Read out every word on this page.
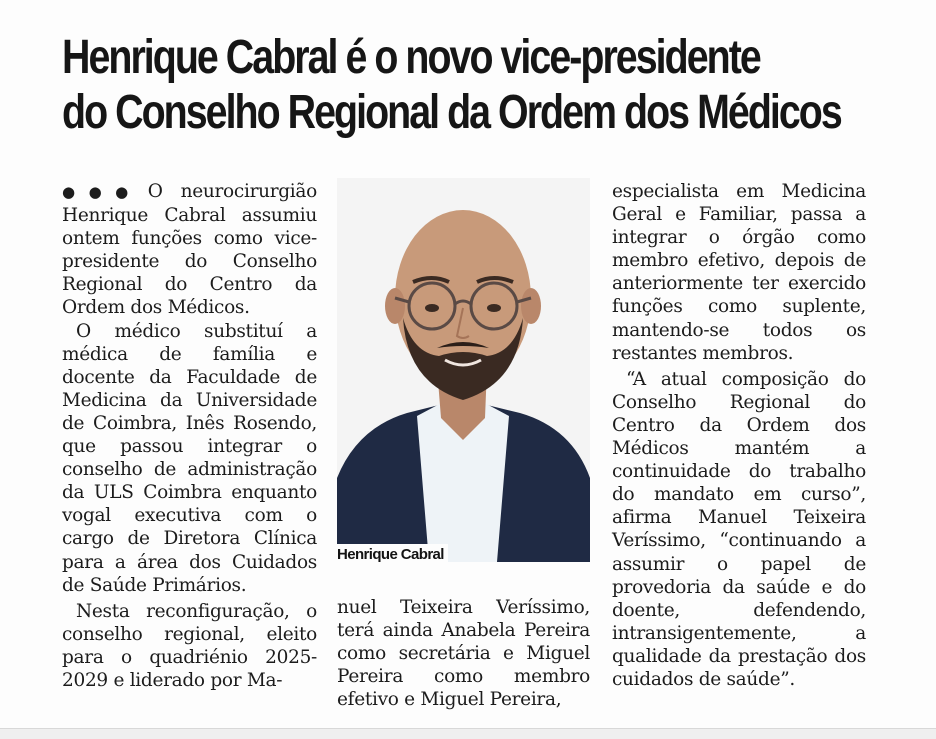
Henrique Cabral é o novo vice-presidente
do Conselho Regional da Ordem dos Médicos

●●● O neurocirurgião Henrique Cabral assumiu ontem funções como vice-presidente do Conselho Regional do Centro da Ordem dos Médicos.

O médico substituí a médica de família e docente da Faculdade de Medicina da Universidade de Coimbra, Inês Rosendo, que passou integrar o conselho de administração da ULS Coimbra enquanto vogal executiva com o cargo de Diretora Clínica para a área dos Cuidados de Saúde Primários.

Nesta reconfiguração, o conselho regional, eleito para o quadriénio 2025-2029 e liderado por Ma-

Henrique Cabral

nuel Teixeira Veríssimo, terá ainda Anabela Pereira como secretária e Miguel Pereira como membro efetivo e Miguel Pereira,

especialista em Medicina Geral e Familiar, passa a integrar o órgão como membro efetivo, depois de anteriormente ter exercido funções como suplente, mantendo-se todos os restantes membros.

“A atual composição do Conselho Regional do Centro da Ordem dos Médicos mantém a continuidade do trabalho do mandato em curso”, afirma Manuel Teixeira Veríssimo, “continuando a assumir o papel de provedoria da saúde e do doente, defendendo, intransigentemente, a qualidade da prestação dos cuidados de saúde”.
